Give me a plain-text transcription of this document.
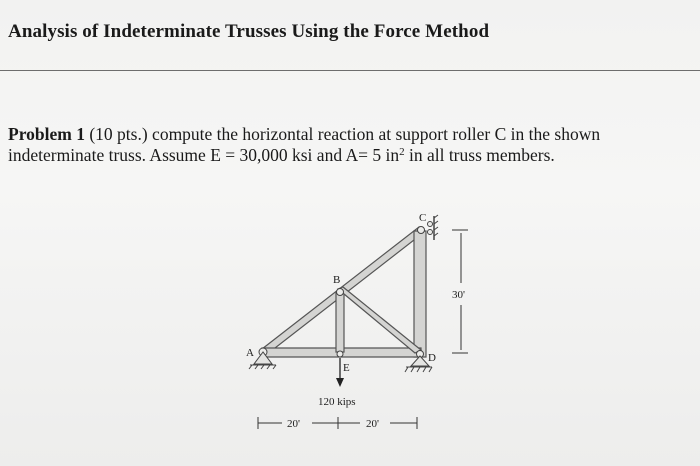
Analysis of Indeterminate Trusses Using the Force Method
Problem 1 (10 pts.) compute the horizontal reaction at support roller C in the shown
indeterminate truss. Assume E = 30,000 ksi and A= 5 $in^2$ in all truss members.
A
B
C
D
E
120 kips
30'
20'	20'
